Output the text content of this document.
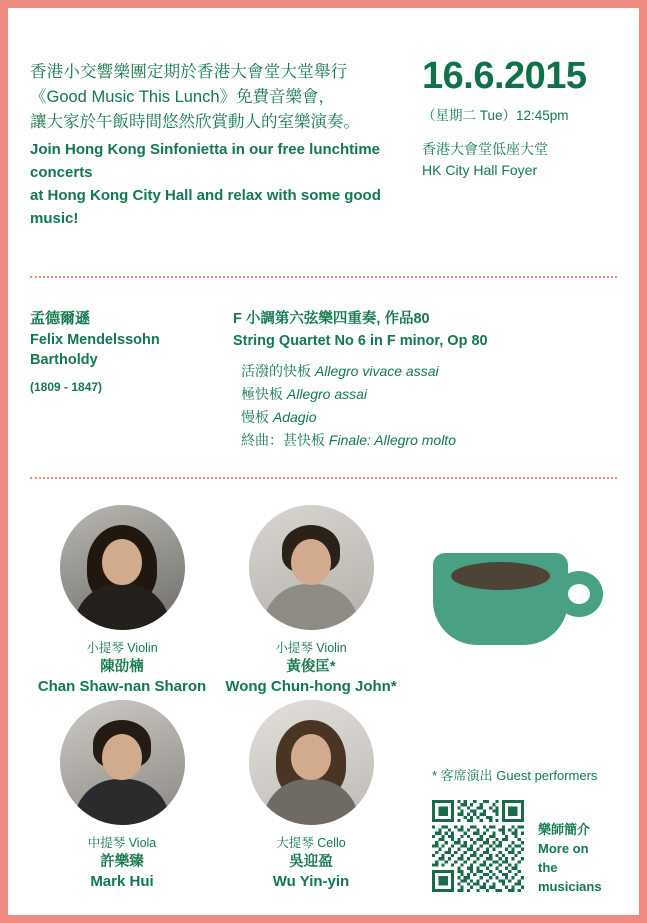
香港小交響樂團定期於香港大會堂大堂舉行
《Good Music This Lunch》免費音樂會，
讓大家於午飯時間悠然欣賞動人的室樂演奏。
Join Hong Kong Sinfonietta in our free lunchtime concerts
at Hong Kong City Hall and relax with some good music!
16.6.2015
（星期二 Tue）12:45pm
香港大會堂低座大堂
HK City Hall Foyer
孟德爾遜
Felix Mendelssohn
Bartholdy
(1809 - 1847)
F 小調第六弦樂四重奏, 作品80
String Quartet No 6 in F minor, Op 80
活潑的快板 Allegro vivace assai
極快板 Allegro assai
慢板 Adagio
終曲：甚快板 Finale: Allegro molto
小提琴 Violin
陳劭楠
Chan Shaw-nan Sharon
小提琴 Violin
黃俊匡*
Wong Chun-hong John*
中提琴 Viola
許樂臻
Mark Hui
大提琴 Cello
吳迎盈
Wu Yin-yin
* 客席演出 Guest performers
樂師簡介
More on
the musicians
